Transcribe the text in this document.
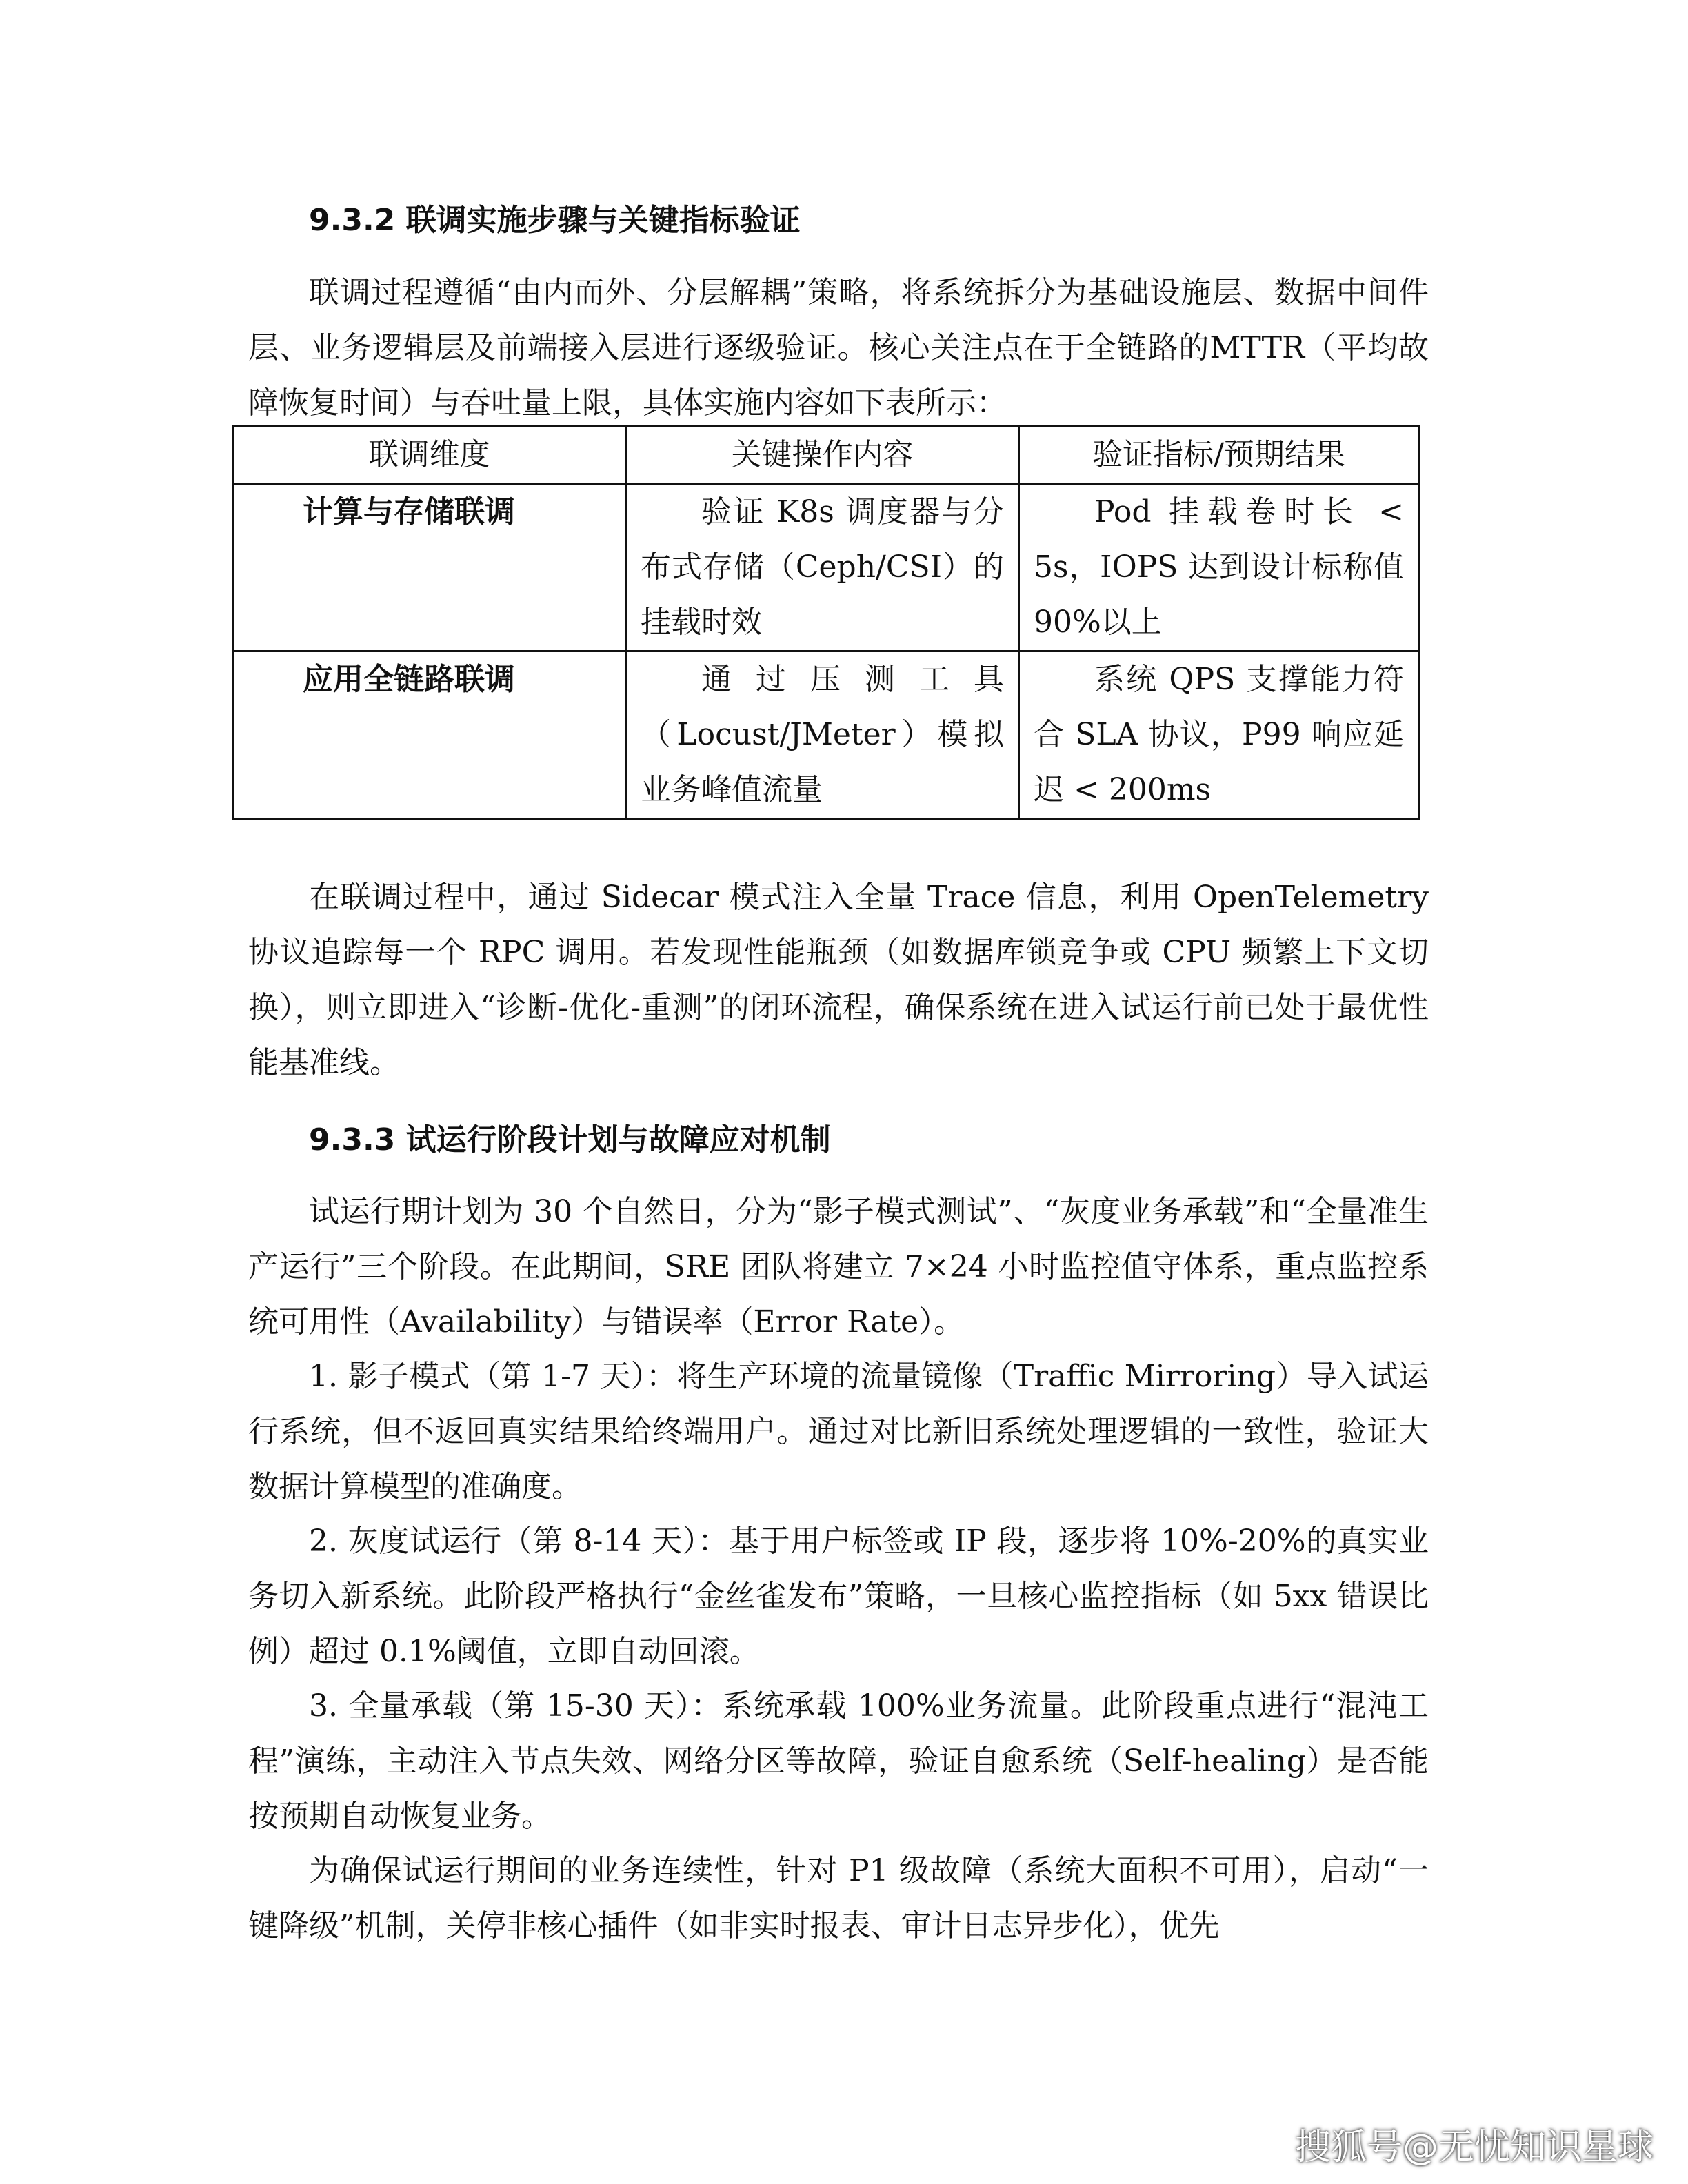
9.3.2 联调实施步骤与关键指标验证

联调过程遵循“由内而外、分层解耦”策略，将系统拆分为基础设施层、数据中间件层、业务逻辑层及前端接入层进行逐级验证。核心关注点在于全链路的MTTR（平均故障恢复时间）与吞吐量上限，具体实施内容如下表所示：

联调维度	关键操作内容	验证指标/预期结果
计算与存储联调	验证 K8s 调度器与分布式存储（Ceph/CSI）的挂载时效	Pod 挂载卷时长 < 5s，IOPS 达到设计标称值 90%以上
应用全链路联调	通过压测工具（Locust/JMeter）模拟业务峰值流量	系统 QPS 支撑能力符合 SLA 协议，P99 响应延迟 < 200ms

在联调过程中，通过 Sidecar 模式注入全量 Trace 信息，利用 OpenTelemetry 协议追踪每一个 RPC 调用。若发现性能瓶颈（如数据库锁竞争或 CPU 频繁上下文切换），则立即进入“诊断-优化-重测”的闭环流程，确保系统在进入试运行前已处于最优性能基准线。

9.3.3 试运行阶段计划与故障应对机制

试运行期计划为 30 个自然日，分为“影子模式测试”、“灰度业务承载”和“全量准生产运行”三个阶段。在此期间，SRE 团队将建立 7×24 小时监控值守体系，重点监控系统可用性（Availability）与错误率（Error Rate）。

1. 影子模式（第 1-7 天）：将生产环境的流量镜像（Traffic Mirroring）导入试运行系统，但不返回真实结果给终端用户。通过对比新旧系统处理逻辑的一致性，验证大数据计算模型的准确度。

2. 灰度试运行（第 8-14 天）：基于用户标签或 IP 段，逐步将 10%-20%的真实业务切入新系统。此阶段严格执行“金丝雀发布”策略，一旦核心监控指标（如 5xx 错误比例）超过 0.1%阈值，立即自动回滚。

3. 全量承载（第 15-30 天）：系统承载 100%业务流量。此阶段重点进行“混沌工程”演练，主动注入节点失效、网络分区等故障，验证自愈系统（Self-healing）是否能按预期自动恢复业务。

为确保试运行期间的业务连续性，针对 P1 级故障（系统大面积不可用），启动“一键降级”机制，关停非核心插件（如非实时报表、审计日志异步化），优先

搜狐号@无忧知识星球
